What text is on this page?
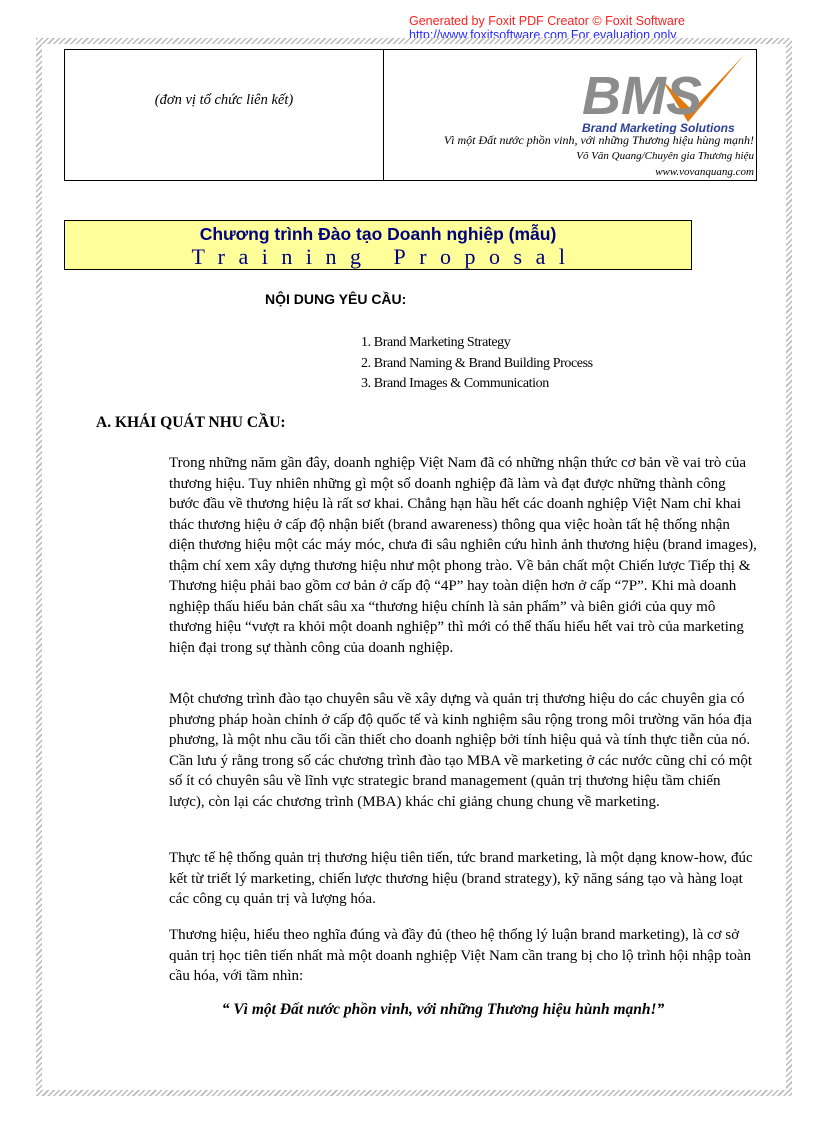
Generated by Foxit PDF Creator © Foxit Software
http://www.foxitsoftware.com For evaluation only.
(đơn vị tổ chức liên kết)	BMS
Brand Marketing Solutions
Vì một Đất nước phồn vinh, với những Thương hiệu hùng mạnh!
Võ Văn Quang/Chuyên gia Thương hiệu
www.vovanquang.com
Chương trình Đào tạo Doanh nghiệp (mẫu)
Training Proposal
NỘI DUNG YÊU CẦU:
1. Brand Marketing Strategy
2. Brand Naming & Brand Building Process
3. Brand Images & Communication
A. KHÁI QUÁT NHU CẦU:

Trong những năm gần đây, doanh nghiệp Việt Nam đã có những nhận thức cơ bản về vai trò của thương hiệu. Tuy nhiên những gì một số doanh nghiệp đã làm và đạt được những thành công bước đầu về thương hiệu là rất sơ khai. Chẳng hạn hầu hết các doanh nghiệp Việt Nam chỉ khai thác thương hiệu ở cấp độ nhận biết (brand awareness) thông qua việc hoàn tất hệ thống nhận diện thương hiệu một các máy móc, chưa đi sâu nghiên cứu hình ảnh thương hiệu (brand images), thậm chí xem xây dựng thương hiệu như một phong trào. Về bản chất một Chiến lược Tiếp thị & Thương hiệu phải bao gồm cơ bản ở cấp độ “4P” hay toàn diện hơn ở cấp “7P”. Khi mà doanh nghiệp thấu hiểu bản chất sâu xa “thương hiệu chính là sản phẩm” và biên giới của quy mô thương hiệu “vượt ra khỏi một doanh nghiệp” thì mới có thể thấu hiểu hết vai trò của marketing hiện đại trong sự thành công của doanh nghiệp.

Một chương trình đào tạo chuyên sâu về xây dựng và quản trị thương hiệu do các chuyên gia có phương pháp hoàn chỉnh ở cấp độ quốc tế và kinh nghiệm sâu rộng trong môi trường văn hóa địa phương, là một nhu cầu tối cần thiết cho doanh nghiệp bởi tính hiệu quả và tính thực tiễn của nó. Cần lưu ý rằng trong số các chương trình đào tạo MBA về marketing ở các nước cũng chỉ có một số ít có chuyên sâu về lĩnh vực strategic brand management (quản trị thương hiệu tầm chiến lược), còn lại các chương trình (MBA) khác chỉ giảng chung chung về marketing.

Thực tế hệ thống quản trị thương hiệu tiên tiến, tức brand marketing, là một dạng know-how, đúc kết từ triết lý marketing, chiến lược thương hiệu (brand strategy), kỹ năng sáng tạo và hàng loạt các công cụ quản trị và lượng hóa.

Thương hiệu, hiểu theo nghĩa đúng và đầy đủ (theo hệ thống lý luận brand marketing), là cơ sở quản trị học tiên tiến nhất mà một doanh nghiệp Việt Nam cần trang bị cho lộ trình hội nhập toàn cầu hóa, với tầm nhìn:

“ Vì một Đất nước phồn vinh, với những Thương hiệu hùnh mạnh!”
